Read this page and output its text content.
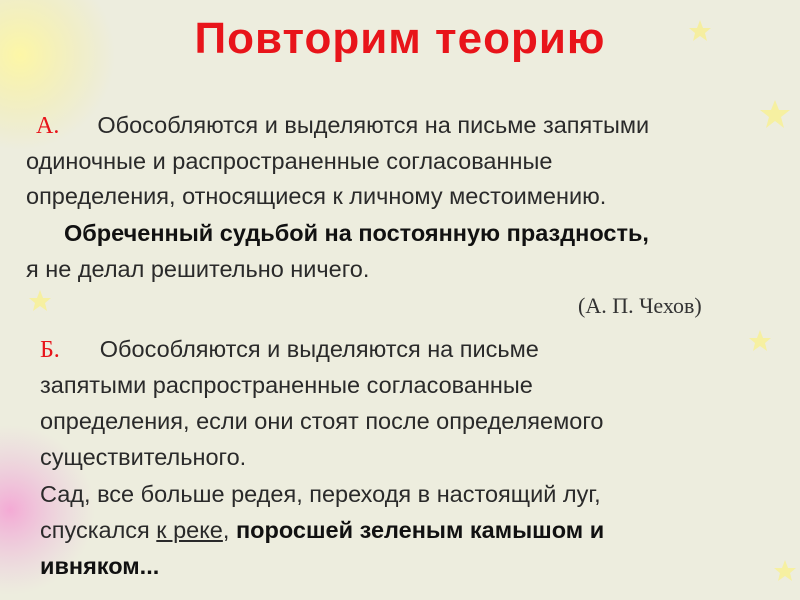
Повторим теорию
А. Обособляются и выделяются на письме запятыми
одиночные и распространенные согласованные
определения, относящиеся к личному местоимению.
Обреченный судьбой на постоянную праздность,
я не делал решительно ничего.
(А. П. Чехов)
Б. Обособляются и выделяются на письме
запятыми распространенные согласованные
определения, если они стоят после определяемого
существительного.
Сад, все больше редея, переходя в настоящий луг,
спускался к реке, поросшей зеленым камышом и
ивняком...
